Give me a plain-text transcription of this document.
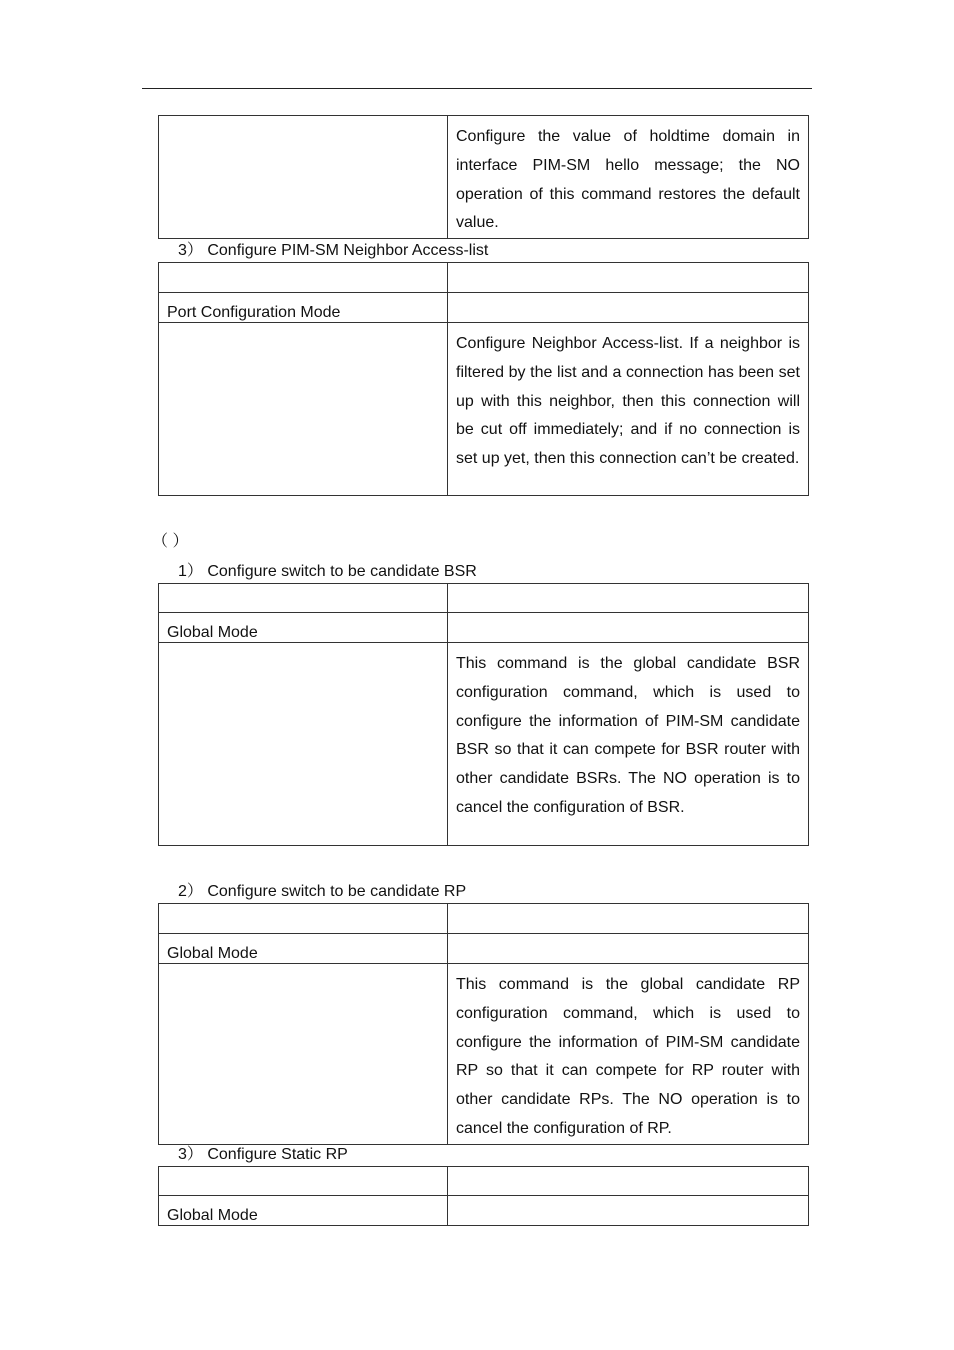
	Configure the value of holdtime domain in interface PIM-SM hello message; the NO operation of this command restores the default value.
3） Configure PIM-SM Neighbor Access-list

Port Configuration Mode	
	Configure Neighbor Access-list. If a neighbor is filtered by the list and a connection has been set up with this neighbor, then this connection will be cut off immediately; and if no connection is set up yet, then this connection can’t be created.
（ ）
1） Configure switch to be candidate BSR

Global Mode	
	This command is the global candidate BSR configuration command, which is used to configure the information of PIM-SM candidate BSR so that it can compete for BSR router with other candidate BSRs. The NO operation is to cancel the configuration of BSR.
2） Configure switch to be candidate RP

Global Mode	
	This command is the global candidate RP configuration command, which is used to configure the information of PIM-SM candidate RP so that it can compete for RP router with other candidate RPs. The NO operation is to cancel the configuration of RP.
3） Configure Static RP

Global Mode	
